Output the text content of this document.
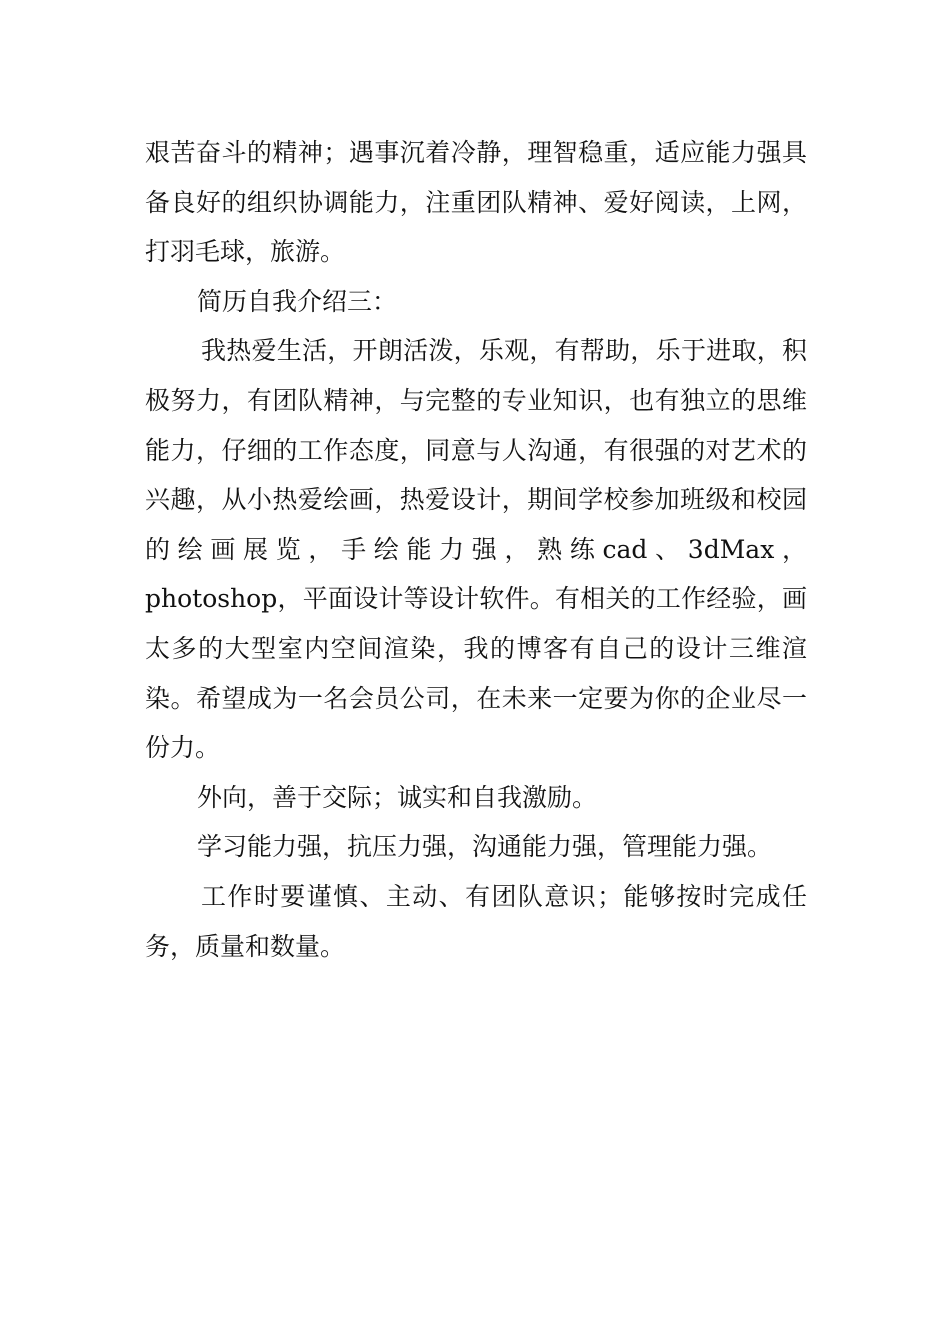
艰苦奋斗的精神；遇事沉着冷静，理智稳重，适应能力强具备良好的组织协调能力，注重团队精神、爱好阅读，上网，打羽毛球，旅游。

简历自我介绍三：

我热爱生活，开朗活泼，乐观，有帮助，乐于进取，积极努力，有团队精神，与完整的专业知识，也有独立的思维能力，仔细的工作态度，同意与人沟通，有很强的对艺术的兴趣，从小热爱绘画，热爱设计，期间学校参加班级和校园的绘画展览，手绘能力强，熟练cad、3dMax，photoshop，平面设计等设计软件。有相关的工作经验，画太多的大型室内空间渲染，我的博客有自己的设计三维渲染。希望成为一名会员公司，在未来一定要为你的企业尽一份力。

外向，善于交际；诚实和自我激励。

学习能力强，抗压力强，沟通能力强，管理能力强。

工作时要谨慎、主动、有团队意识；能够按时完成任务，质量和数量。
